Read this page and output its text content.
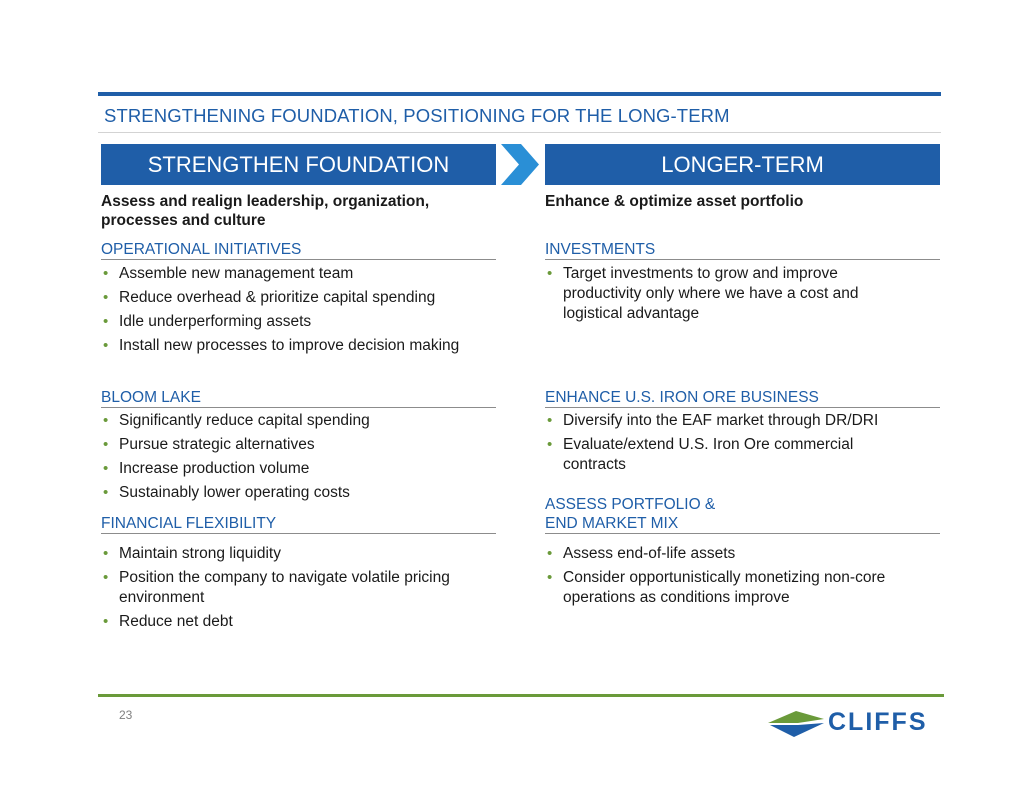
STRENGTHENING FOUNDATION, POSITIONING FOR THE LONG-TERM
STRENGTHEN FOUNDATION	LONGER-TERM
Assess and realign leadership, organization, processes and culture
OPERATIONAL INITIATIVES
• Assemble new management team
• Reduce overhead & prioritize capital spending
• Idle underperforming assets
• Install new processes to improve decision making
BLOOM LAKE
• Significantly reduce capital spending
• Pursue strategic alternatives
• Increase production volume
• Sustainably lower operating costs
FINANCIAL FLEXIBILITY
• Maintain strong liquidity
• Position the company to navigate volatile pricing environment
• Reduce net debt
Enhance & optimize asset portfolio
INVESTMENTS
• Target investments to grow and improve productivity only where we have a cost and logistical advantage
ENHANCE U.S. IRON ORE BUSINESS
• Diversify into the EAF market through DR/DRI
• Evaluate/extend U.S. Iron Ore commercial contracts
ASSESS PORTFOLIO &
END MARKET MIX
• Assess end-of-life assets
• Consider opportunistically monetizing non-core operations as conditions improve
23	CLIFFS
